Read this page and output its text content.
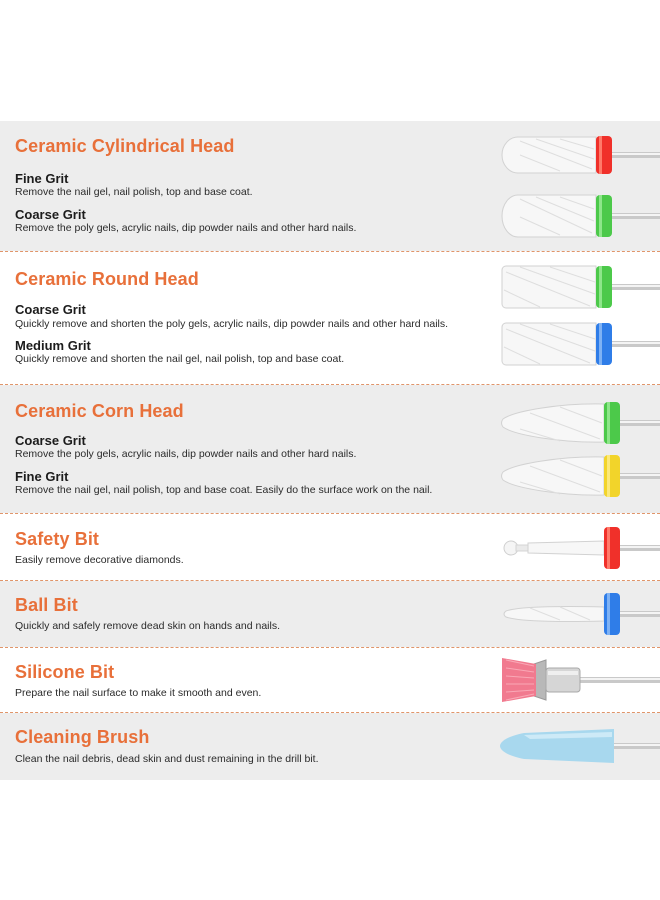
Ceramic Cylindrical Head
Fine Grit
Remove the nail gel, nail polish, top and base coat.
Coarse Grit
Remove the poly gels, acrylic nails, dip powder nails and other hard nails.
Ceramic Round Head
Coarse Grit
Quickly remove and shorten the poly gels, acrylic nails, dip powder nails and other hard nails.
Medium Grit
Quickly remove and shorten the nail gel, nail polish, top and base coat.
Ceramic Corn Head
Coarse Grit
Remove the poly gels, acrylic nails, dip powder nails and other hard nails.
Fine Grit
Remove the nail gel, nail polish, top and base coat. Easily do the surface work on the nail.
Safety Bit
Easily remove decorative diamonds.
Ball Bit
Quickly and safely remove dead skin on hands and nails.
Silicone Bit
Prepare the nail surface to make it smooth and even.
Cleaning Brush
Clean the nail debris, dead skin and dust remaining in the drill bit.
